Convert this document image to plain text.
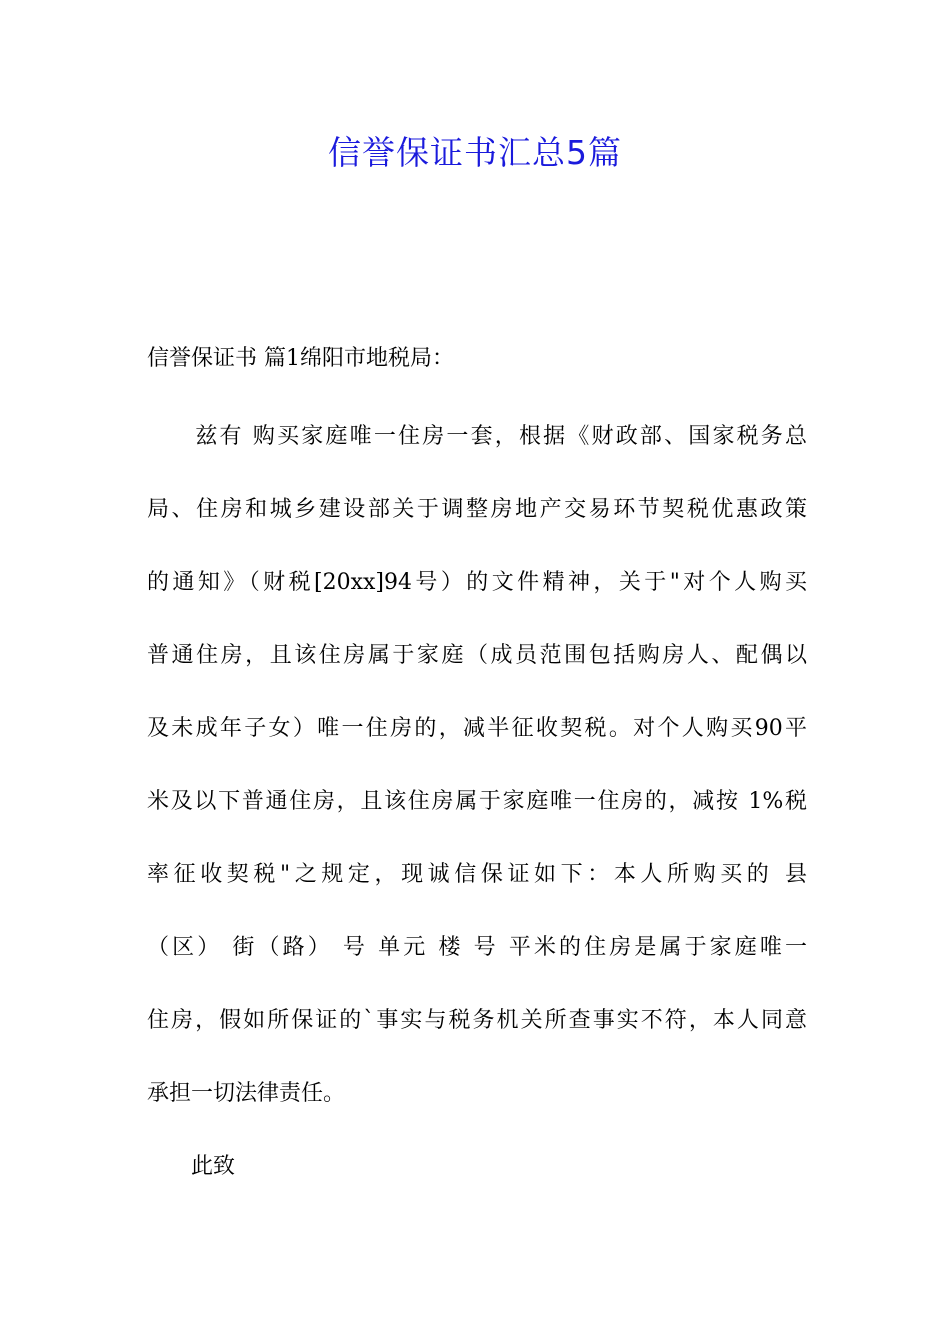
信誉保证书汇总5篇
信誉保证书 篇1绵阳市地税局：
　　兹有 购买家庭唯一住房一套，根据《财政部、国家税务总
局、住房和城乡建设部关于调整房地产交易环节契税优惠政策
的通知》（财税[20xx]94号）的文件精神，关于"对个人购买
普通住房，且该住房属于家庭（成员范围包括购房人、配偶以
及未成年子女）唯一住房的，减半征收契税。对个人购买90平
米及以下普通住房，且该住房属于家庭唯一住房的，减按 1%税
率征收契税"之规定，现诚信保证如下：本人所购买的 县
（区） 街（路） 号 单元 楼 号 平米的住房是属于家庭唯一
住房，假如所保证的`事实与税务机关所查事实不符，本人同意
承担一切法律责任。
　　此致
